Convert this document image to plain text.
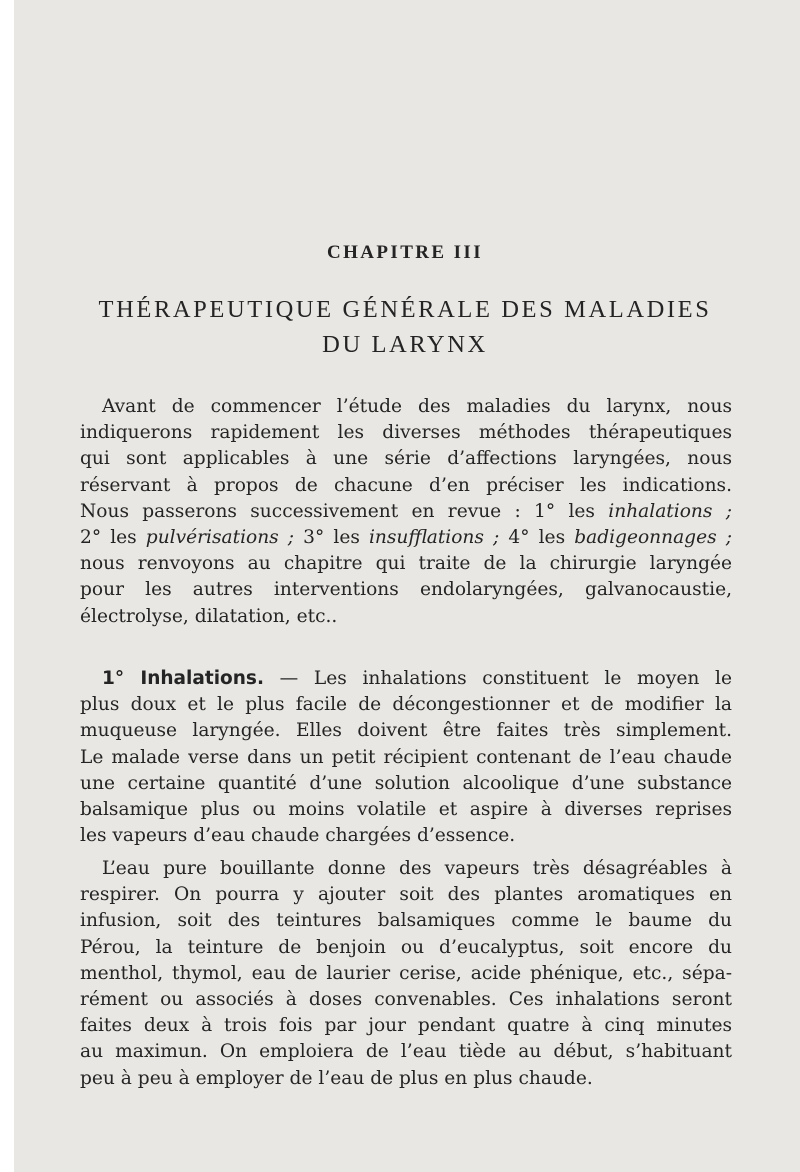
CHAPITRE III
THÉRAPEUTIQUE GÉNÉRALE DES MALADIES
DU LARYNX

Avant de commencer l’étude des maladies du larynx, nous
indiquerons rapidement les diverses méthodes thérapeutiques
qui sont applicables à une série d’affections laryngées, nous
réservant à propos de chacune d’en préciser les indications.
Nous passerons successivement en revue : 1° les inhalations ;
2° les pulvérisations ; 3° les insufflations ; 4° les badigeonnages ;
nous renvoyons au chapitre qui traite de la chirurgie laryngée
pour les autres interventions endolaryngées, galvanocaustie,
électrolyse, dilatation, etc..

1° Inhalations. — Les inhalations constituent le moyen le
plus doux et le plus facile de décongestionner et de modifier la
muqueuse laryngée. Elles doivent être faites très simplement.
Le malade verse dans un petit récipient contenant de l’eau chaude
une certaine quantité d’une solution alcoolique d’une substance
balsamique plus ou moins volatile et aspire à diverses reprises
les vapeurs d’eau chaude chargées d’essence.

L’eau pure bouillante donne des vapeurs très désagréables à
respirer. On pourra y ajouter soit des plantes aromatiques en
infusion, soit des teintures balsamiques comme le baume du
Pérou, la teinture de benjoin ou d’eucalyptus, soit encore du
menthol, thymol, eau de laurier cerise, acide phénique, etc., sépa-
rément ou associés à doses convenables. Ces inhalations seront
faites deux à trois fois par jour pendant quatre à cinq minutes
au maximun. On emploiera de l’eau tiède au début, s’habituant
peu à peu à employer de l’eau de plus en plus chaude.
